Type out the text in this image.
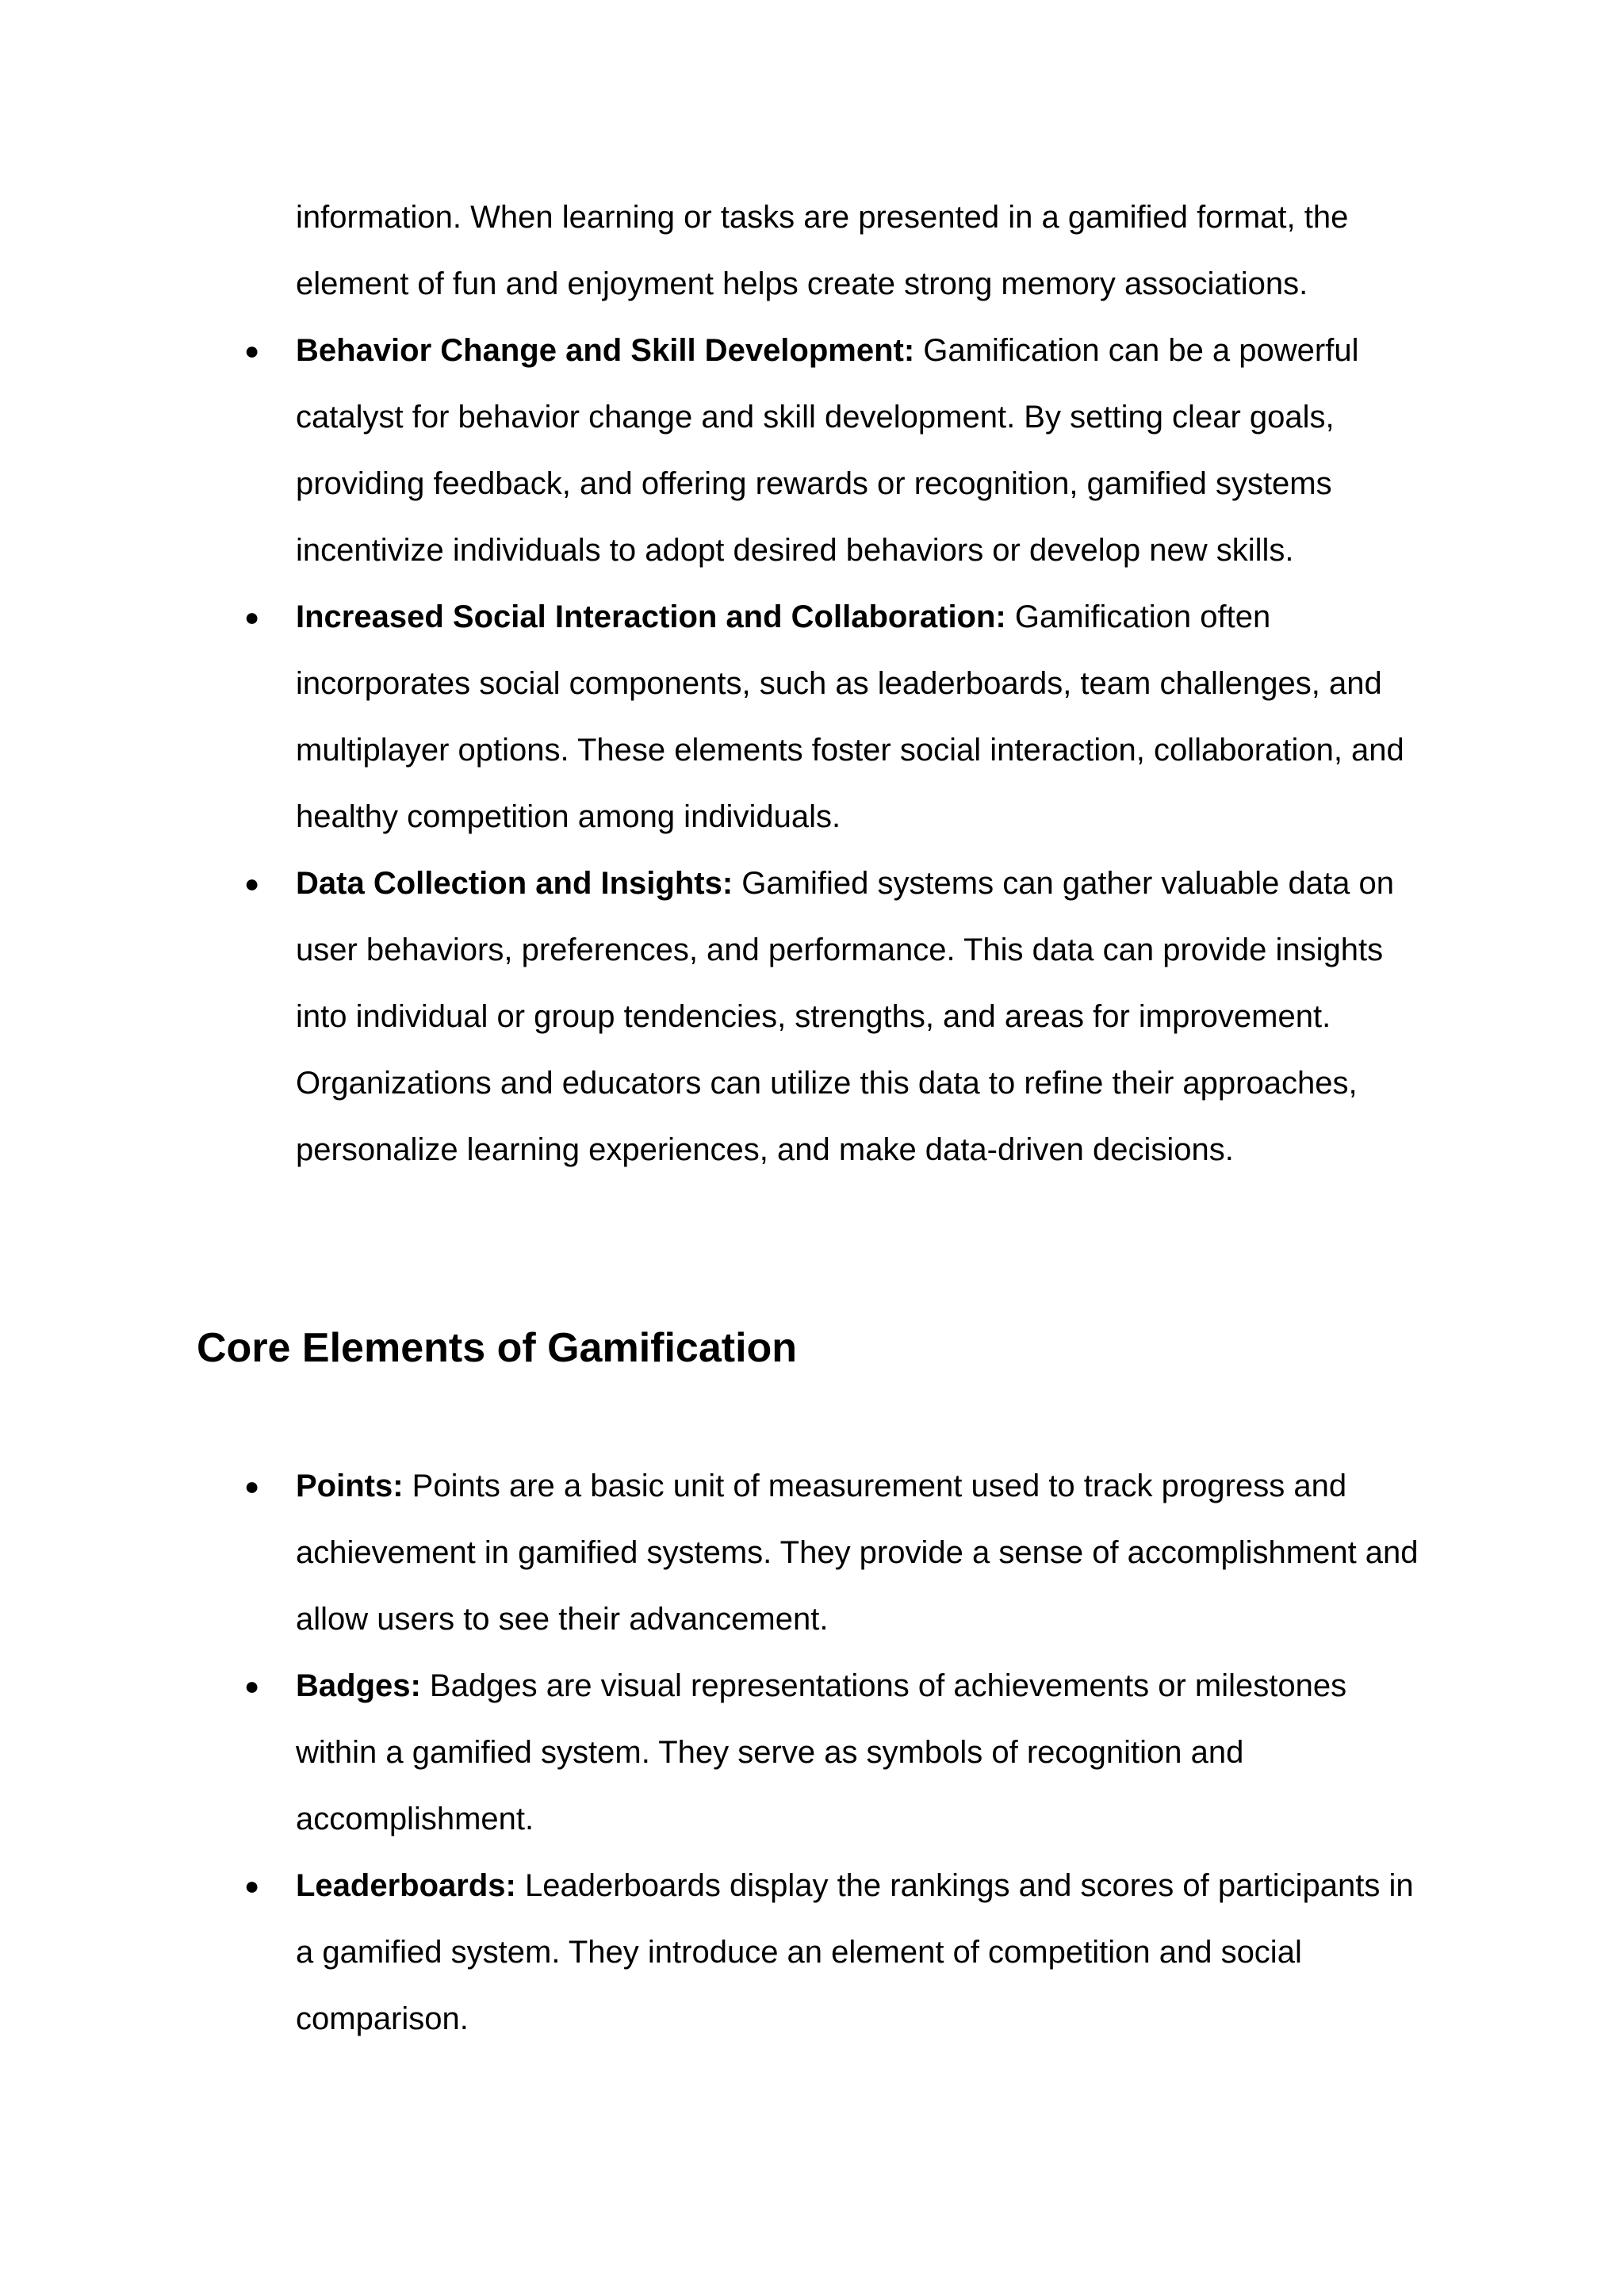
information. When learning or tasks are presented in a gamified format, the element of fun and enjoyment helps create strong memory associations.

● Behavior Change and Skill Development: Gamification can be a powerful catalyst for behavior change and skill development. By setting clear goals, providing feedback, and offering rewards or recognition, gamified systems incentivize individuals to adopt desired behaviors or develop new skills.
● Increased Social Interaction and Collaboration: Gamification often incorporates social components, such as leaderboards, team challenges, and multiplayer options. These elements foster social interaction, collaboration, and healthy competition among individuals.
● Data Collection and Insights: Gamified systems can gather valuable data on user behaviors, preferences, and performance. This data can provide insights into individual or group tendencies, strengths, and areas for improvement. Organizations and educators can utilize this data to refine their approaches, personalize learning experiences, and make data-driven decisions.
Core Elements of Gamification
● Points: Points are a basic unit of measurement used to track progress and achievement in gamified systems. They provide a sense of accomplishment and allow users to see their advancement.
● Badges: Badges are visual representations of achievements or milestones within a gamified system. They serve as symbols of recognition and accomplishment.
● Leaderboards: Leaderboards display the rankings and scores of participants in a gamified system. They introduce an element of competition and social comparison.
